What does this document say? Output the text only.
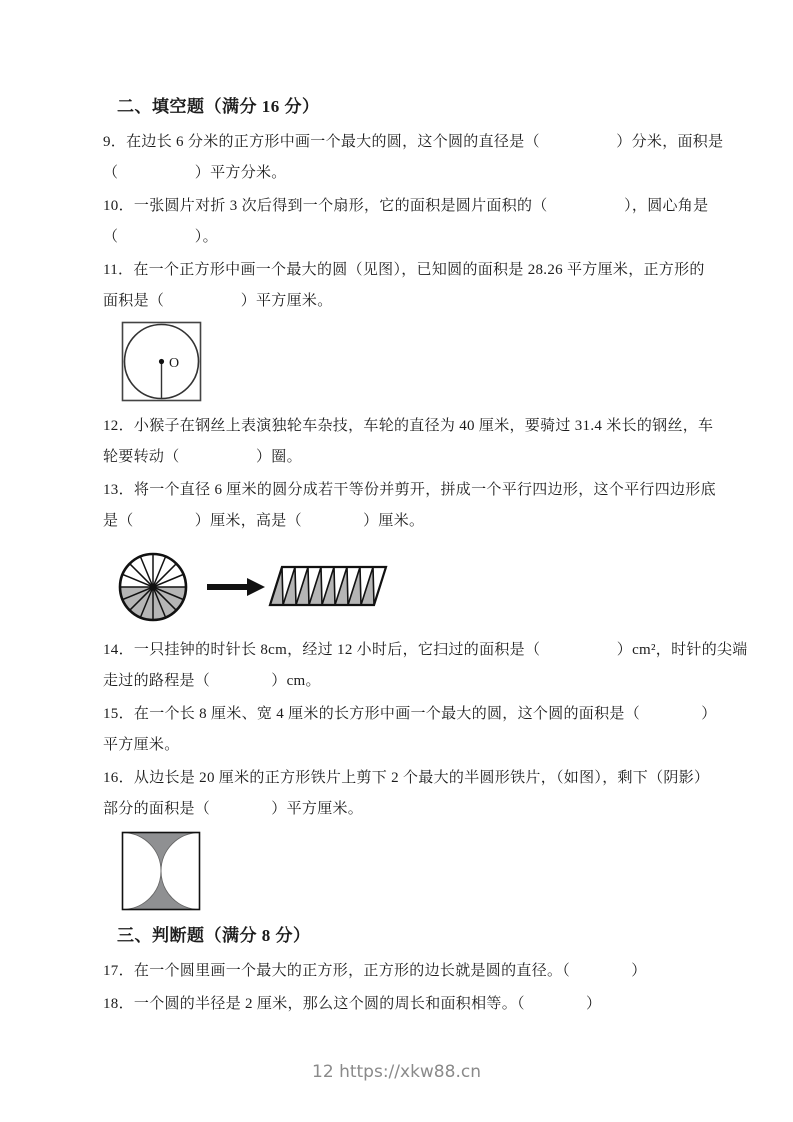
二、填空题（满分 16 分）
9．在边长 6 分米的正方形中画一个最大的圆，这个圆的直径是（　　　　　）分米，面积是
（　　　　　）平方分米。
10．一张圆片对折 3 次后得到一个扇形，它的面积是圆片面积的（　　　　　），圆心角是
（　　　　　）。
11．在一个正方形中画一个最大的圆（见图），已知圆的面积是 28.26 平方厘米，正方形的
面积是（　　　　　）平方厘米。
O
12．小猴子在钢丝上表演独轮车杂技，车轮的直径为 40 厘米，要骑过 31.4 米长的钢丝，车
轮要转动（　　　　　）圈。
13．将一个直径 6 厘米的圆分成若干等份并剪开，拼成一个平行四边形，这个平行四边形底
是（　　　　）厘米，高是（　　　　）厘米。
14．一只挂钟的时针长 8cm，经过 12 小时后，它扫过的面积是（　　　　　）cm²，时针的尖端
走过的路程是（　　　　）cm。
15．在一个长 8 厘米、宽 4 厘米的长方形中画一个最大的圆，这个圆的面积是（　　　　）
平方厘米。
16．从边长是 20 厘米的正方形铁片上剪下 2 个最大的半圆形铁片，（如图），剩下（阴影）
部分的面积是（　　　　）平方厘米。
三、判断题（满分 8 分）
17．在一个圆里画一个最大的正方形，正方形的边长就是圆的直径。（　　　　）
18．一个圆的半径是 2 厘米，那么这个圆的周长和面积相等。（　　　　）
12 https://xkw88.cn
